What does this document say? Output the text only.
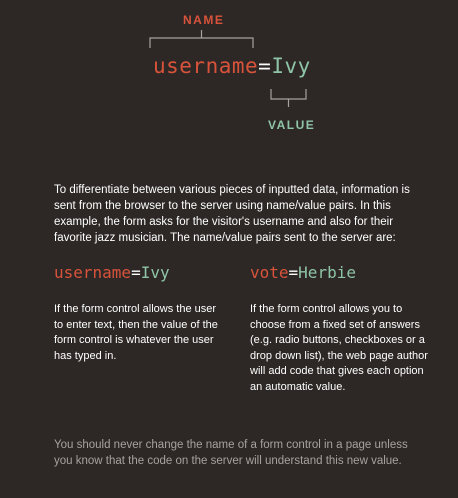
NAME
username=Ivy
VALUE
To differentiate between various pieces of inputted data, information is sent from the browser to the server using name/value pairs. In this example, the form asks for the visitor's username and also for their favorite jazz musician. The name/value pairs sent to the server are:
username=Ivy	vote=Herbie
If the form control allows the user to enter text, then the value of the form control is whatever the user has typed in.
If the form control allows you to choose from a fixed set of answers (e.g. radio buttons, checkboxes or a drop down list), the web page author will add code that gives each option an automatic value.
You should never change the name of a form control in a page unless you know that the code on the server will understand this new value.
